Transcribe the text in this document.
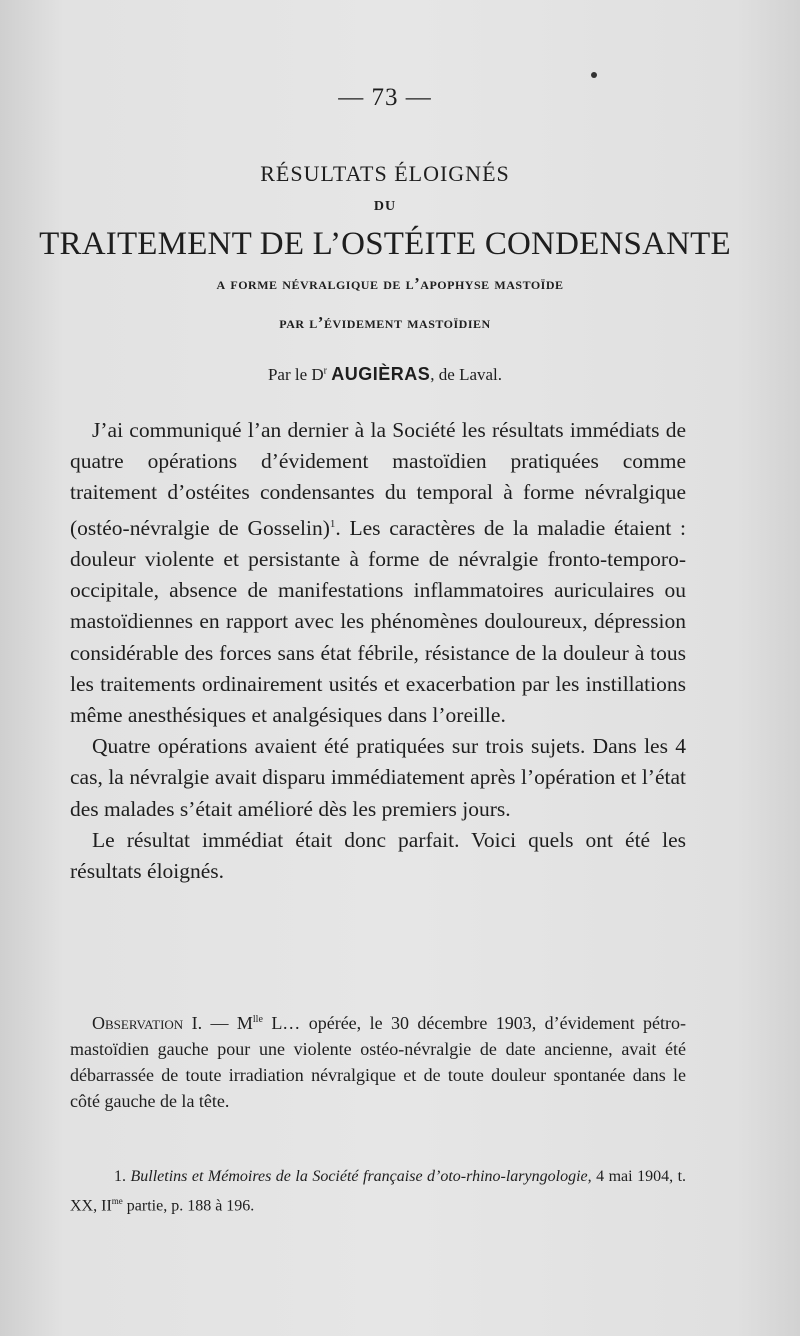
— 73 —
RÉSULTATS ÉLOIGNÉS
DU
TRAITEMENT DE L’OSTÉITE CONDENSANTE
a forme névralgique de l’apophyse mastoïde
par l’évidement mastoïdien
Par le $D^r$ AUGIÈRAS, de Laval.

J’ai communiqué l’an dernier à la Société les résultats immédiats de quatre opérations d’évidement mastoïdien pratiquées comme traitement d’ostéites condensantes du temporal à forme névralgique (ostéo-névralgie de Gosselin)$^1$. Les caractères de la maladie étaient : douleur violente et persistante à forme de névralgie fronto-temporo-occipitale, absence de manifestations inflammatoires auriculaires ou mastoïdiennes en rapport avec les phénomènes douloureux, dépression considérable des forces sans état fébrile, résistance de la douleur à tous les traitements ordinairement usités et exacerbation par les instillations même anesthésiques et analgésiques dans l’oreille.

Quatre opérations avaient été pratiquées sur trois sujets. Dans les 4 cas, la névralgie avait disparu immédiatement après l’opération et l’état des malades s’était amélioré dès les premiers jours.

Le résultat immédiat était donc parfait. Voici quels ont été les résultats éloignés.

Observation I. — $M^{lle}$ L… opérée, le 30 décembre 1903, d’évidement pétro-mastoïdien gauche pour une violente ostéo-névralgie de date ancienne, avait été débarrassée de toute irradiation névralgique et de toute douleur spontanée dans le côté gauche de la tête.

1. Bulletins et Mémoires de la Société française d’oto-rhino-laryngologie, 4 mai 1904, t. XX, $II^{me}$ partie, p. 188 à 196.
